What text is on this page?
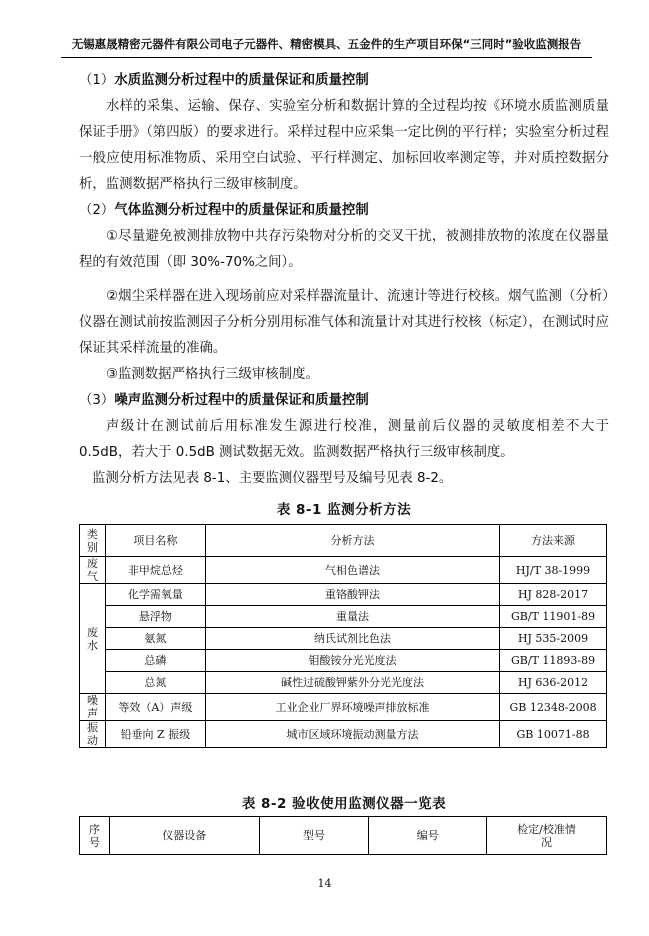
无锡惠晟精密元器件有限公司电子元器件、精密模具、五金件的生产项目环保“三同时”验收监测报告

（1）水质监测分析过程中的质量保证和质量控制

水样的采集、运输、保存、实验室分析和数据计算的全过程均按《环境水质监测质量保证手册》（第四版）的要求进行。采样过程中应采集一定比例的平行样；实验室分析过程一般应使用标准物质、采用空白试验、平行样测定、加标回收率测定等，并对质控数据分析，监测数据严格执行三级审核制度。

（2）气体监测分析过程中的质量保证和质量控制

①尽量避免被测排放物中共存污染物对分析的交叉干扰，被测排放物的浓度在仪器量程的有效范围（即 30%-70%之间）。

②烟尘采样器在进入现场前应对采样器流量计、流速计等进行校核。烟气监测（分析）仪器在测试前按监测因子分析分别用标准气体和流量计对其进行校核（标定），在测试时应保证其采样流量的准确。

③监测数据严格执行三级审核制度。

（3）噪声监测分析过程中的质量保证和质量控制

声级计在测试前后用标准发生源进行校准，测量前后仪器的灵敏度相差不大于 0.5dB，若大于 0.5dB 测试数据无效。监测数据严格执行三级审核制度。

监测分析方法见表 8-1、主要监测仪器型号及编号见表 8-2。

表 8-1 监测分析方法
类别	项目名称	分析方法	方法来源
废气	非甲烷总烃	气相色谱法	HJ/T 38-1999
废水	化学需氧量	重铬酸钾法	HJ 828-2017
	悬浮物	重量法	GB/T 11901-89
	氨氮	纳氏试剂比色法	HJ 535-2009
	总磷	钼酸铵分光光度法	GB/T 11893-89
	总氮	碱性过硫酸钾紫外分光光度法	HJ 636-2012
噪声	等效（A）声级	工业企业厂界环境噪声排放标准	GB 12348-2008
振动	铅垂向 Z 振级	城市区域环境振动测量方法	GB 10071-88
表 8-2 验收使用监测仪器一览表
序号	仪器设备	型号	编号	检定/校准情况
14
